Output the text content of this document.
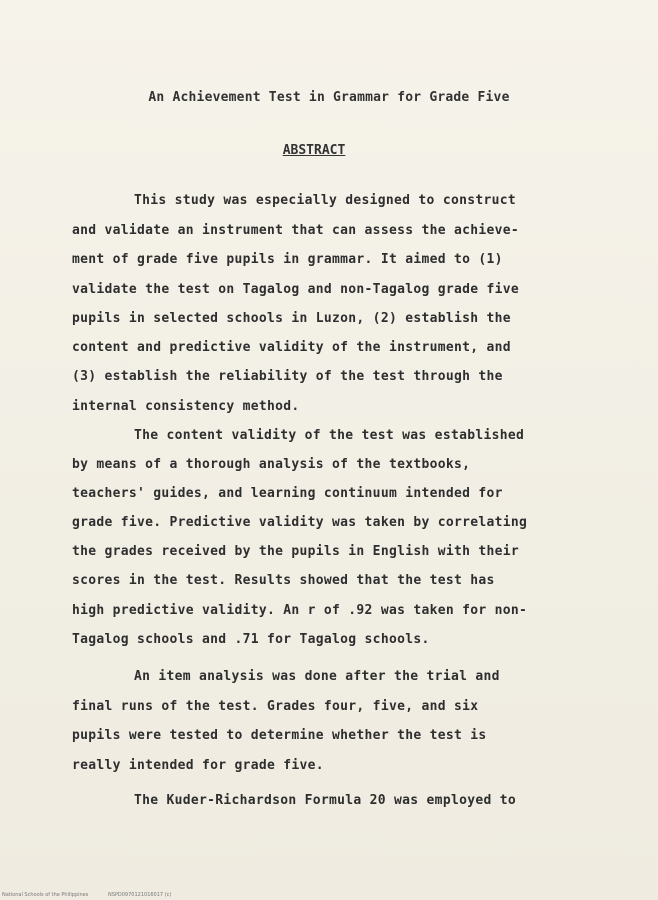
An Achievement Test in Grammar for Grade Five
ABSTRACT
This study was especially designed to construct
and validate an instrument that can assess the achieve-
ment of grade five pupils in grammar. It aimed to (1)
validate the test on Tagalog and non-Tagalog grade five
pupils in selected schools in Luzon, (2) establish the
content and predictive validity of the instrument, and
(3) establish the reliability of the test through the
internal consistency method.
The content validity of the test was established
by means of a thorough analysis of the textbooks,
teachers' guides, and learning continuum intended for
grade five. Predictive validity was taken by correlating
the grades received by the pupils in English with their
scores in the test. Results showed that the test has
high predictive validity. An r of .92 was taken for non-
Tagalog schools and .71 for Tagalog schools.
An item analysis was done after the trial and
final runs of the test. Grades four, five, and six
pupils were tested to determine whether the test is
really intended for grade five.
The Kuder-Richardson Formula 20 was employed to
National Schools of the Philippines	NSPD0970121016017 (c)
